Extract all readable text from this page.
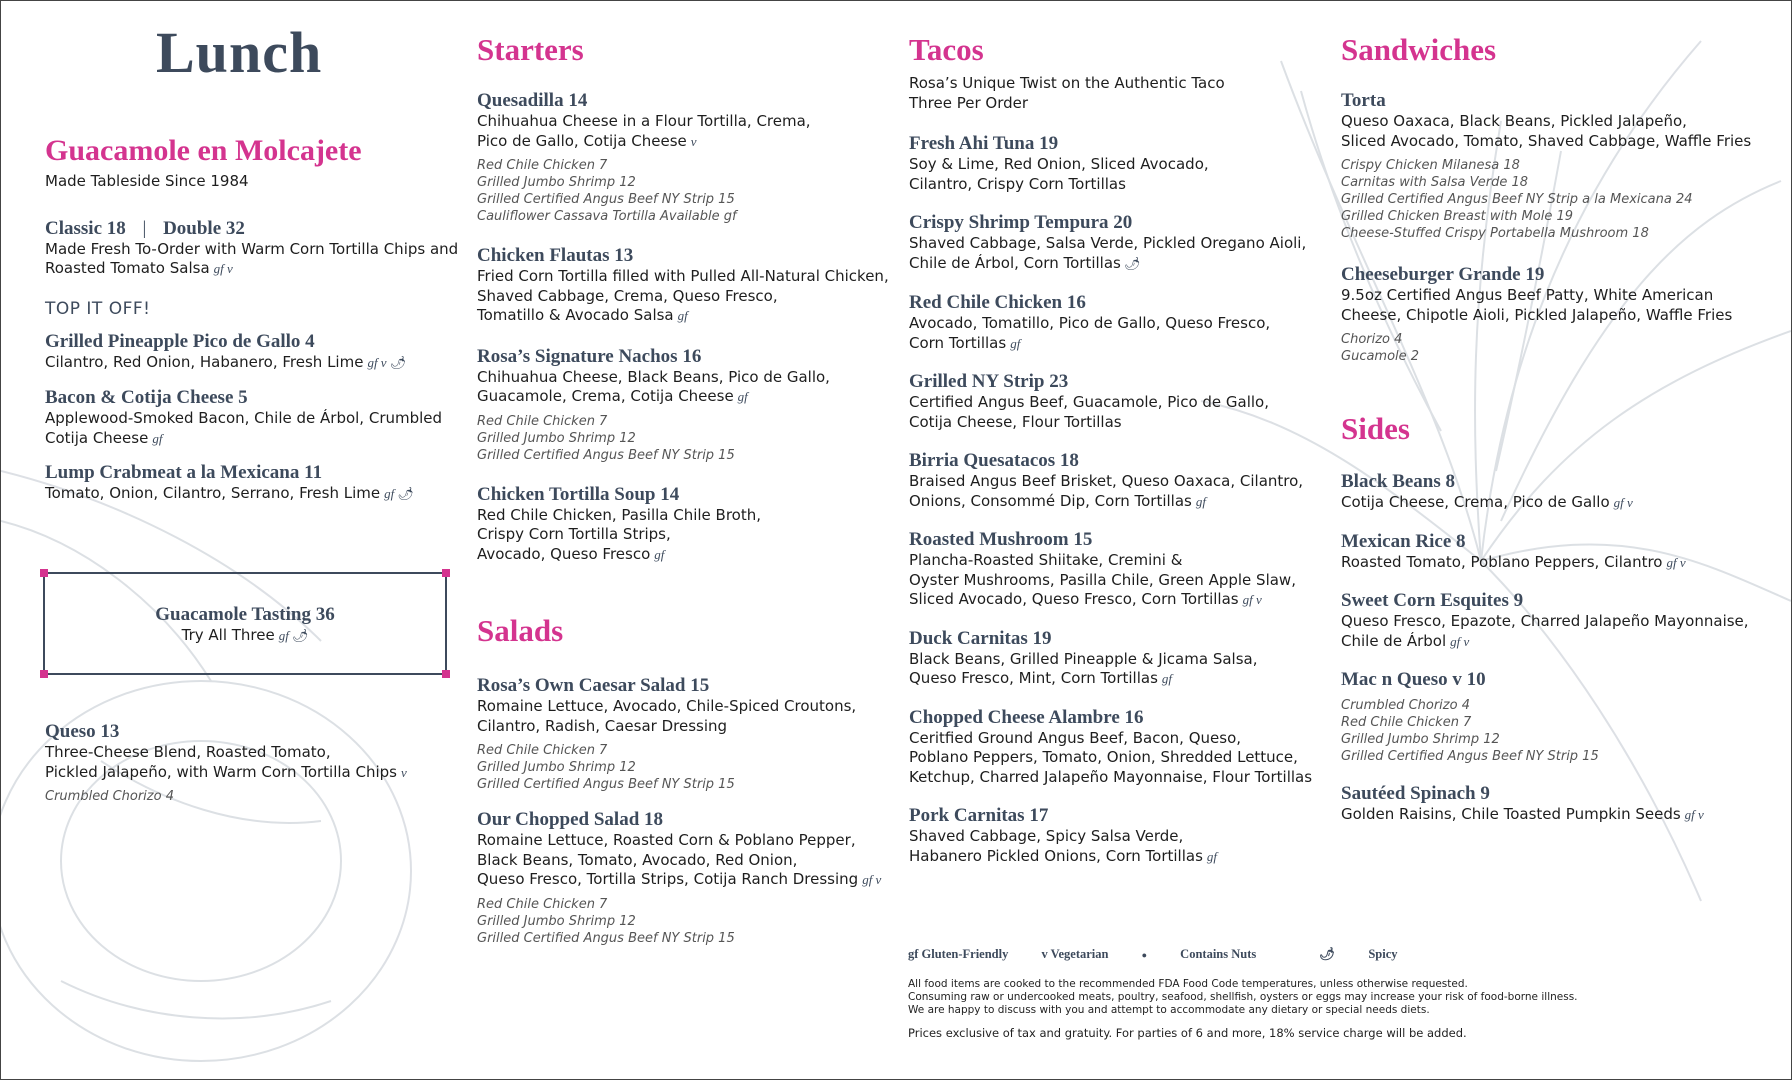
Lunch
Guacamole en Molcajete
Made Tableside Since 1984
Classic 18 | Double 32
Made Fresh To-Order with Warm Corn Tortilla Chips and Roasted Tomato Salsa gf v
TOP IT OFF!
Grilled Pineapple Pico de Gallo 4
Cilantro, Red Onion, Habanero, Fresh Lime gf v 🌶
Bacon & Cotija Cheese 5
Applewood-Smoked Bacon, Chile de Árbol, Crumbled Cotija Cheese gf
Lump Crabmeat a la Mexicana 11
Tomato, Onion, Cilantro, Serrano, Fresh Lime gf 🌶
Guacamole Tasting 36
Try All Three gf 🌶
Queso 13
Three-Cheese Blend, Roasted Tomato,
Pickled Jalapeño, with Warm Corn Tortilla Chips v
Crumbled Chorizo 4
Starters
Quesadilla 14
Chihuahua Cheese in a Flour Tortilla, Crema,
Pico de Gallo, Cotija Cheese v
Red Chile Chicken 7
Grilled Jumbo Shrimp 12
Grilled Certified Angus Beef NY Strip 15
Cauliflower Cassava Tortilla Available gf
Chicken Flautas 13
Fried Corn Tortilla filled with Pulled All-Natural Chicken,
Shaved Cabbage, Crema, Queso Fresco,
Tomatillo & Avocado Salsa gf
Rosa’s Signature Nachos 16
Chihuahua Cheese, Black Beans, Pico de Gallo,
Guacamole, Crema, Cotija Cheese gf
Red Chile Chicken 7
Grilled Jumbo Shrimp 12
Grilled Certified Angus Beef NY Strip 15
Chicken Tortilla Soup 14
Red Chile Chicken, Pasilla Chile Broth,
Crispy Corn Tortilla Strips,
Avocado, Queso Fresco gf
Salads
Rosa’s Own Caesar Salad 15
Romaine Lettuce, Avocado, Chile-Spiced Croutons,
Cilantro, Radish, Caesar Dressing
Red Chile Chicken 7
Grilled Jumbo Shrimp 12
Grilled Certified Angus Beef NY Strip 15
Our Chopped Salad 18
Romaine Lettuce, Roasted Corn & Poblano Pepper,
Black Beans, Tomato, Avocado, Red Onion,
Queso Fresco, Tortilla Strips, Cotija Ranch Dressing gf v
Red Chile Chicken 7
Grilled Jumbo Shrimp 12
Grilled Certified Angus Beef NY Strip 15
Tacos
Rosa’s Unique Twist on the Authentic Taco
Three Per Order
Fresh Ahi Tuna 19
Soy & Lime, Red Onion, Sliced Avocado,
Cilantro, Crispy Corn Tortillas
Crispy Shrimp Tempura 20
Shaved Cabbage, Salsa Verde, Pickled Oregano Aioli,
Chile de Árbol, Corn Tortillas 🌶
Red Chile Chicken 16
Avocado, Tomatillo, Pico de Gallo, Queso Fresco,
Corn Tortillas gf
Grilled NY Strip 23
Certified Angus Beef, Guacamole, Pico de Gallo,
Cotija Cheese, Flour Tortillas
Birria Quesatacos 18
Braised Angus Beef Brisket, Queso Oaxaca, Cilantro,
Onions, Consommé Dip, Corn Tortillas gf
Roasted Mushroom 15
Plancha-Roasted Shiitake, Cremini &
Oyster Mushrooms, Pasilla Chile, Green Apple Slaw,
Sliced Avocado, Queso Fresco, Corn Tortillas gf v
Duck Carnitas 19
Black Beans, Grilled Pineapple & Jicama Salsa,
Queso Fresco, Mint, Corn Tortillas gf
Chopped Cheese Alambre 16
Ceritfied Ground Angus Beef, Bacon, Queso,
Poblano Peppers, Tomato, Onion, Shredded Lettuce,
Ketchup, Charred Jalapeño Mayonnaise, Flour Tortillas
Pork Carnitas 17
Shaved Cabbage, Spicy Salsa Verde,
Habanero Pickled Onions, Corn Tortillas gf
gf Gluten-Friendly	v Vegetarian	●	Contains Nuts	🌶	Spicy
All food items are cooked to the recommended FDA Food Code temperatures, unless otherwise requested.
Consuming raw or undercooked meats, poultry, seafood, shellfish, oysters or eggs may increase your risk of food-borne illness.
We are happy to discuss with you and attempt to accommodate any dietary or special needs diets.
Prices exclusive of tax and gratuity. For parties of 6 and more, 18% service charge will be added.
Sandwiches
Torta
Queso Oaxaca, Black Beans, Pickled Jalapeño,
Sliced Avocado, Tomato, Shaved Cabbage, Waffle Fries
Crispy Chicken Milanesa 18
Carnitas with Salsa Verde 18
Grilled Certified Angus Beef NY Strip a la Mexicana 24
Grilled Chicken Breast with Mole 19
Cheese-Stuffed Crispy Portabella Mushroom 18
Cheeseburger Grande 19
9.5oz Certified Angus Beef Patty, White American
Cheese, Chipotle Aioli, Pickled Jalapeño, Waffle Fries
Chorizo 4
Gucamole 2
Sides
Black Beans 8
Cotija Cheese, Crema, Pico de Gallo gf v
Mexican Rice 8
Roasted Tomato, Poblano Peppers, Cilantro gf v
Sweet Corn Esquites 9
Queso Fresco, Epazote, Charred Jalapeño Mayonnaise,
Chile de Árbol gf v
Mac n Queso v 10
Crumbled Chorizo 4
Red Chile Chicken 7
Grilled Jumbo Shrimp 12
Grilled Certified Angus Beef NY Strip 15
Sautéed Spinach 9
Golden Raisins, Chile Toasted Pumpkin Seeds gf v
